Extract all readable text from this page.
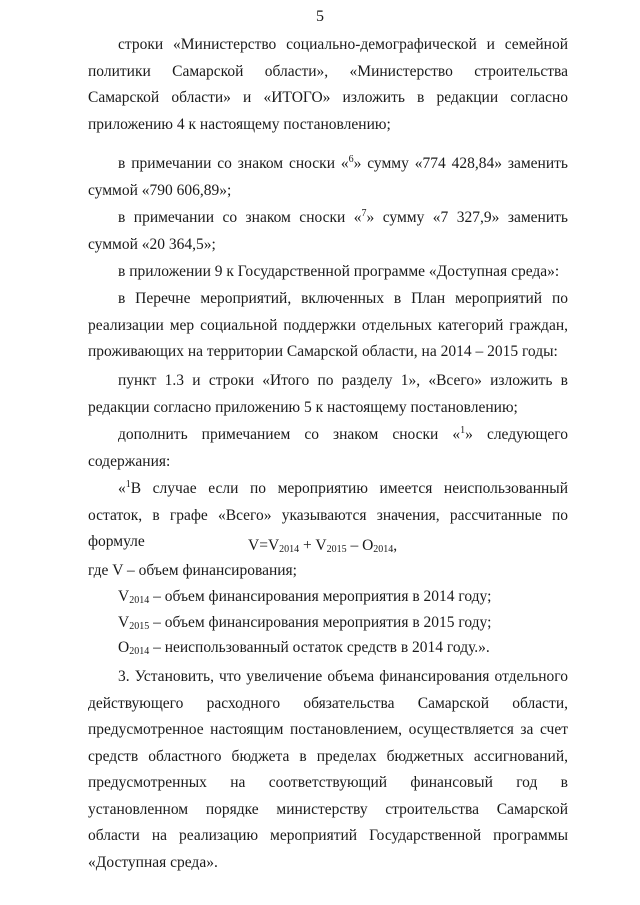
5

строки «Министерство социально-демографической и семейной политики Самарской области», «Министерство строительства Самарской области» и «ИТОГО» изложить в редакции согласно приложению 4 к настоящему постановлению;

в примечании со знаком сноски «$^6$» сумму «774 428,84» заменить суммой «790 606,89»;

в примечании со знаком сноски «$^7$» сумму «7 327,9» заменить суммой «20 364,5»;

в приложении 9 к Государственной программе «Доступная среда»:

в Перечне мероприятий, включенных в План мероприятий по реализации мер социальной поддержки отдельных категорий граждан, проживающих на территории Самарской области, на 2014 – 2015 годы:

пункт 1.3 и строки «Итого по разделу 1», «Всего» изложить в редакции согласно приложению 5 к настоящему постановлению;

дополнить примечанием со знаком сноски «$^1$» следующего содержания:

«$^1$В случае если по мероприятию имеется неиспользованный остаток, в графе «Всего» указываются значения, рассчитанные по формуле	$V=V_{2014} + V_{2015} - O_{2014}$,
где V – объем финансирования;
$V_{2014}$ – объем финансирования мероприятия в 2014 году;
$V_{2015}$ – объем финансирования мероприятия в 2015 году;
$O_{2014}$ – неиспользованный остаток средств в 2014 году.».

3. Установить, что увеличение объема финансирования отдельного действующего расходного обязательства Самарской области, предусмотренное настоящим постановлением, осуществляется за счет средств областного бюджета в пределах бюджетных ассигнований, предусмотренных на соответствующий финансовый год в установленном порядке министерству строительства Самарской области на реализацию мероприятий Государственной программы «Доступная среда».
